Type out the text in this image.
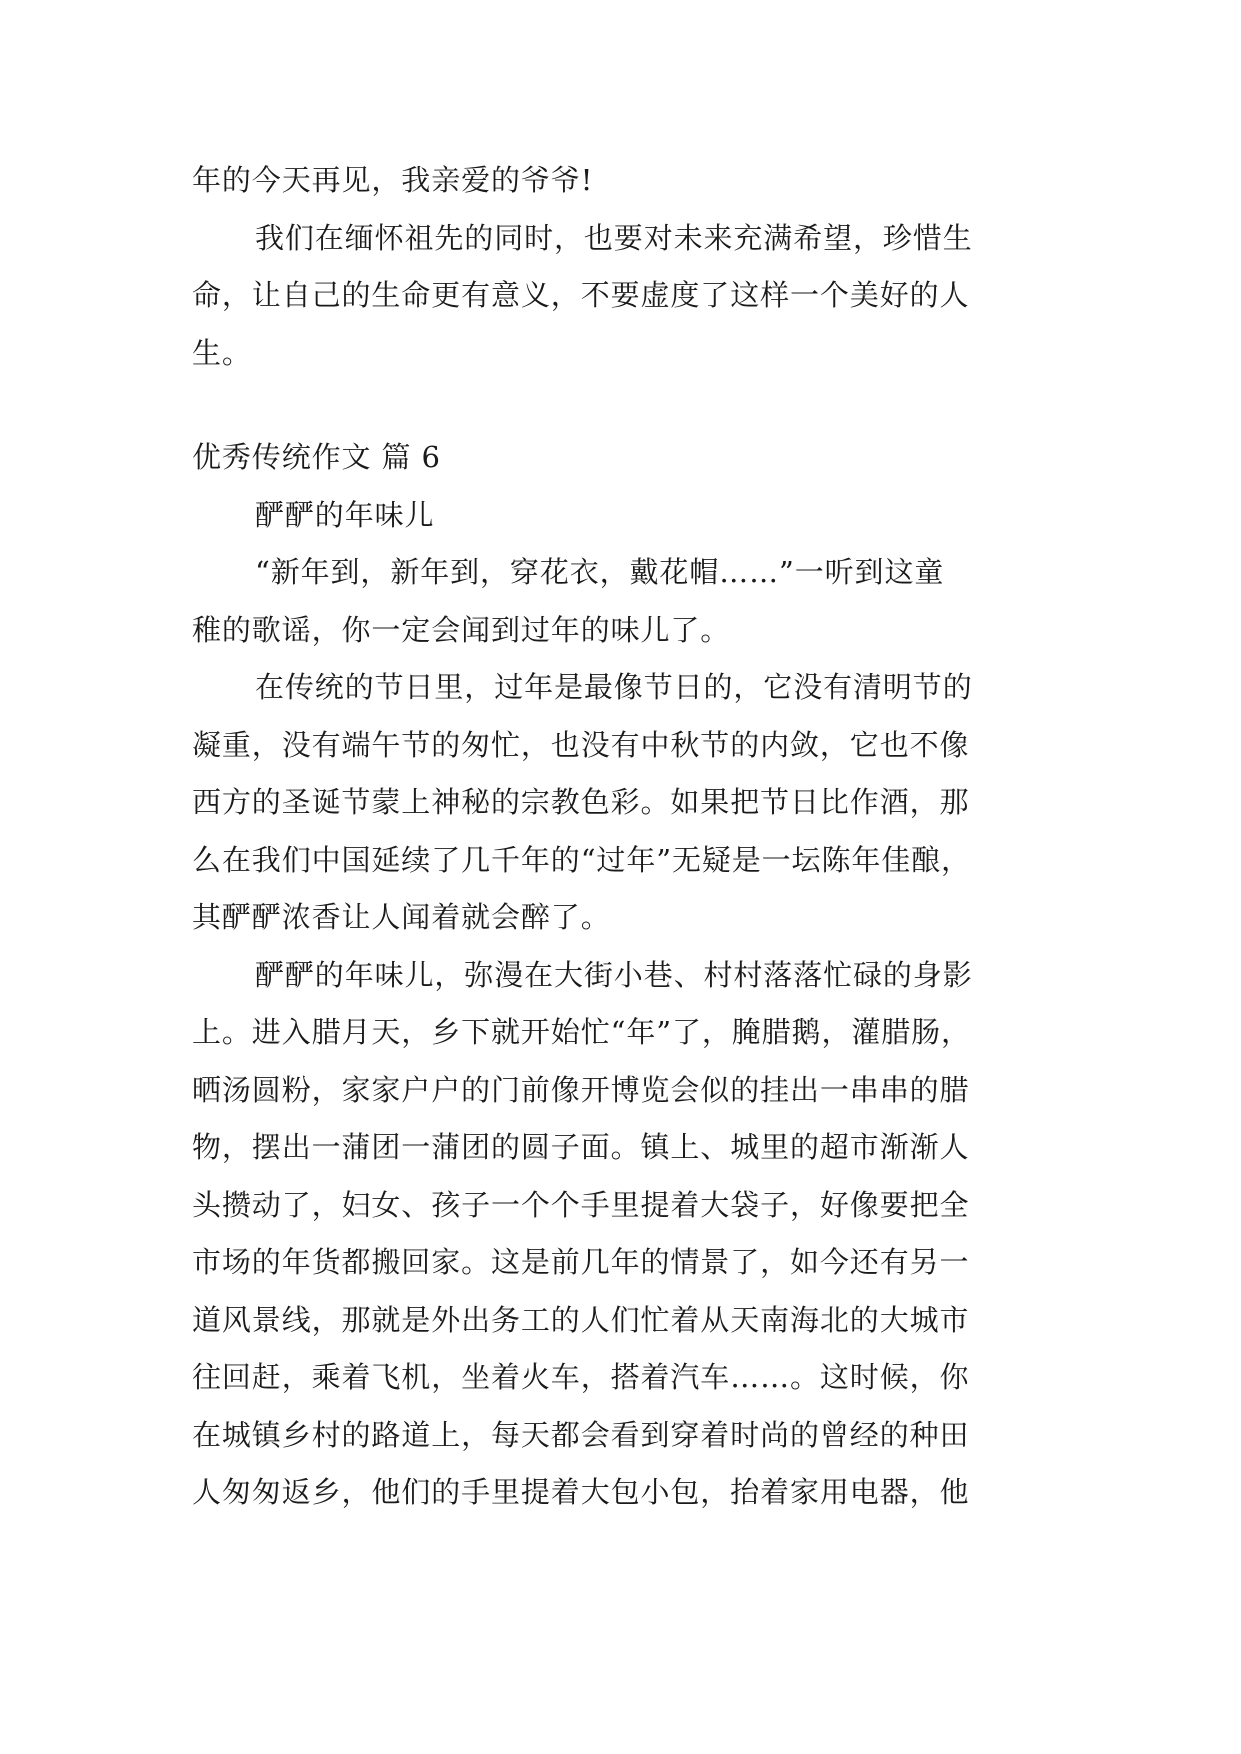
年的今天再见，我亲爱的爷爷!
我们在缅怀祖先的同时，也要对未来充满希望，珍惜生
命，让自己的生命更有意义，不要虚度了这样一个美好的人
生。
优秀传统作文 篇 6
酽酽的年味儿
“新年到，新年到，穿花衣，戴花帽……”一听到这童
稚的歌谣，你一定会闻到过年的味儿了。
在传统的节日里，过年是最像节日的，它没有清明节的
凝重，没有端午节的匆忙，也没有中秋节的内敛，它也不像
西方的圣诞节蒙上神秘的宗教色彩。如果把节日比作酒，那
么在我们中国延续了几千年的“过年”无疑是一坛陈年佳酿，
其酽酽浓香让人闻着就会醉了。
酽酽的年味儿，弥漫在大街小巷、村村落落忙碌的身影
上。进入腊月天，乡下就开始忙“年”了，腌腊鹅，灌腊肠，
晒汤圆粉，家家户户的门前像开博览会似的挂出一串串的腊
物，摆出一蒲团一蒲团的圆子面。镇上、城里的超市渐渐人
头攒动了，妇女、孩子一个个手里提着大袋子，好像要把全
市场的年货都搬回家。这是前几年的情景了，如今还有另一
道风景线，那就是外出务工的人们忙着从天南海北的大城市
往回赶，乘着飞机，坐着火车，搭着汽车……。这时候，你
在城镇乡村的路道上，每天都会看到穿着时尚的曾经的种田
人匆匆返乡，他们的手里提着大包小包，抬着家用电器，他
